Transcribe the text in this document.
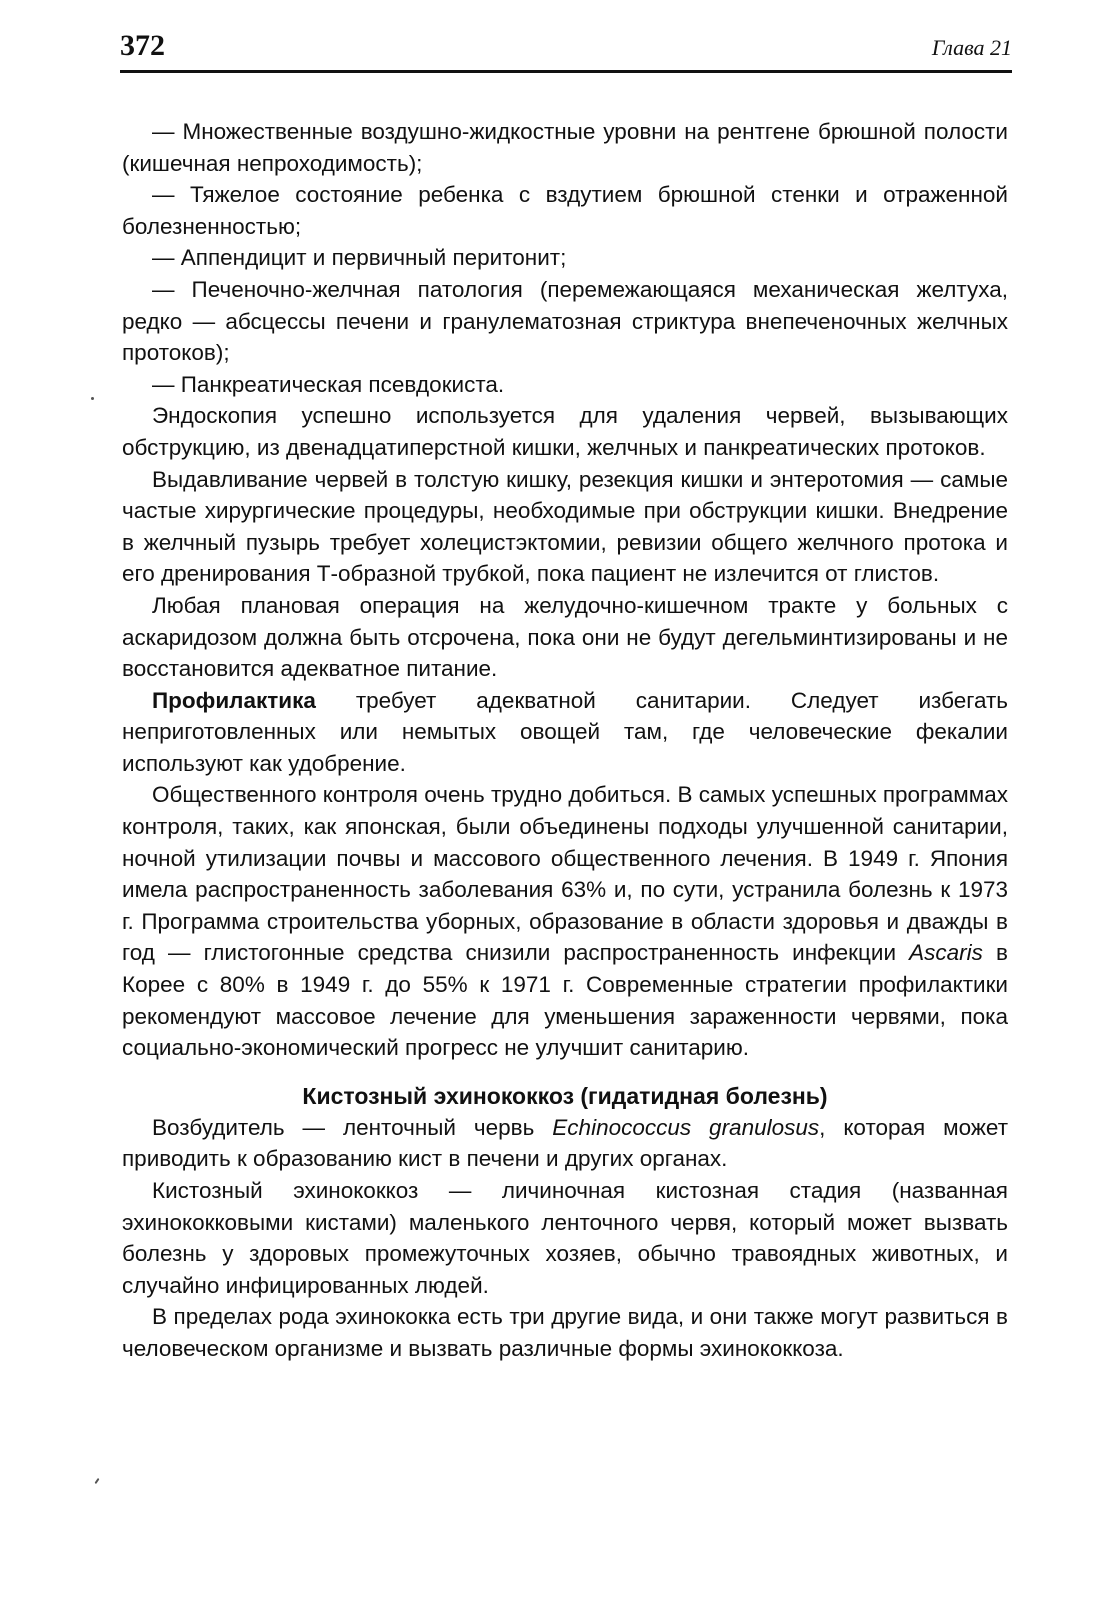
372	Глава 21

— Множественные воздушно-жидкостные уровни на рентгене брюшной полости (кишечная непроходимость);

— Тяжелое состояние ребенка с вздутием брюшной стенки и отраженной болезненностью;

— Аппендицит и первичный перитонит;

— Печеночно-желчная патология (перемежающаяся механическая желтуха, редко — абсцессы печени и гранулематозная стриктура внепеченочных желчных протоков);

— Панкреатическая псевдокиста.

Эндоскопия успешно используется для удаления червей, вызывающих обструкцию, из двенадцатиперстной кишки, желчных и панкреатических протоков.

Выдавливание червей в толстую кишку, резекция кишки и энтеротомия — самые частые хирургические процедуры, необходимые при обструкции кишки. Внедрение в желчный пузырь требует холецистэктомии, ревизии общего желчного протока и его дренирования Т-образной трубкой, пока пациент не излечится от глистов.

Любая плановая операция на желудочно-кишечном тракте у больных с аскаридозом должна быть отсрочена, пока они не будут дегельминтизированы и не восстановится адекватное питание.

Профилактика требует адекватной санитарии. Следует избегать неприготовленных или немытых овощей там, где человеческие фекалии используют как удобрение.

Общественного контроля очень трудно добиться. В самых успешных программах контроля, таких, как японская, были объединены подходы улучшенной санитарии, ночной утилизации почвы и массового общественного лечения. В 1949 г. Япония имела распространенность заболевания 63% и, по сути, устранила болезнь к 1973 г. Программа строительства уборных, образование в области здоровья и дважды в год — глистогонные средства снизили распространенность инфекции Ascaris в Корее с 80% в 1949 г. до 55% к 1971 г. Современные стратегии профилактики рекомендуют массовое лечение для уменьшения зараженности червями, пока социально-экономический прогресс не улучшит санитарию.

Кистозный эхинококкоз (гидатидная болезнь)

Возбудитель — ленточный червь Echinococcus granulosus, которая может приводить к образованию кист в печени и других органах.

Кистозный эхинококкоз — личиночная кистозная стадия (названная эхинококковыми кистами) маленького ленточного червя, который может вызвать болезнь у здоровых промежуточных хозяев, обычно травоядных животных, и случайно инфицированных людей.

В пределах рода эхинококка есть три другие вида, и они также могут развиться в человеческом организме и вызвать различные формы эхинококкоза.
